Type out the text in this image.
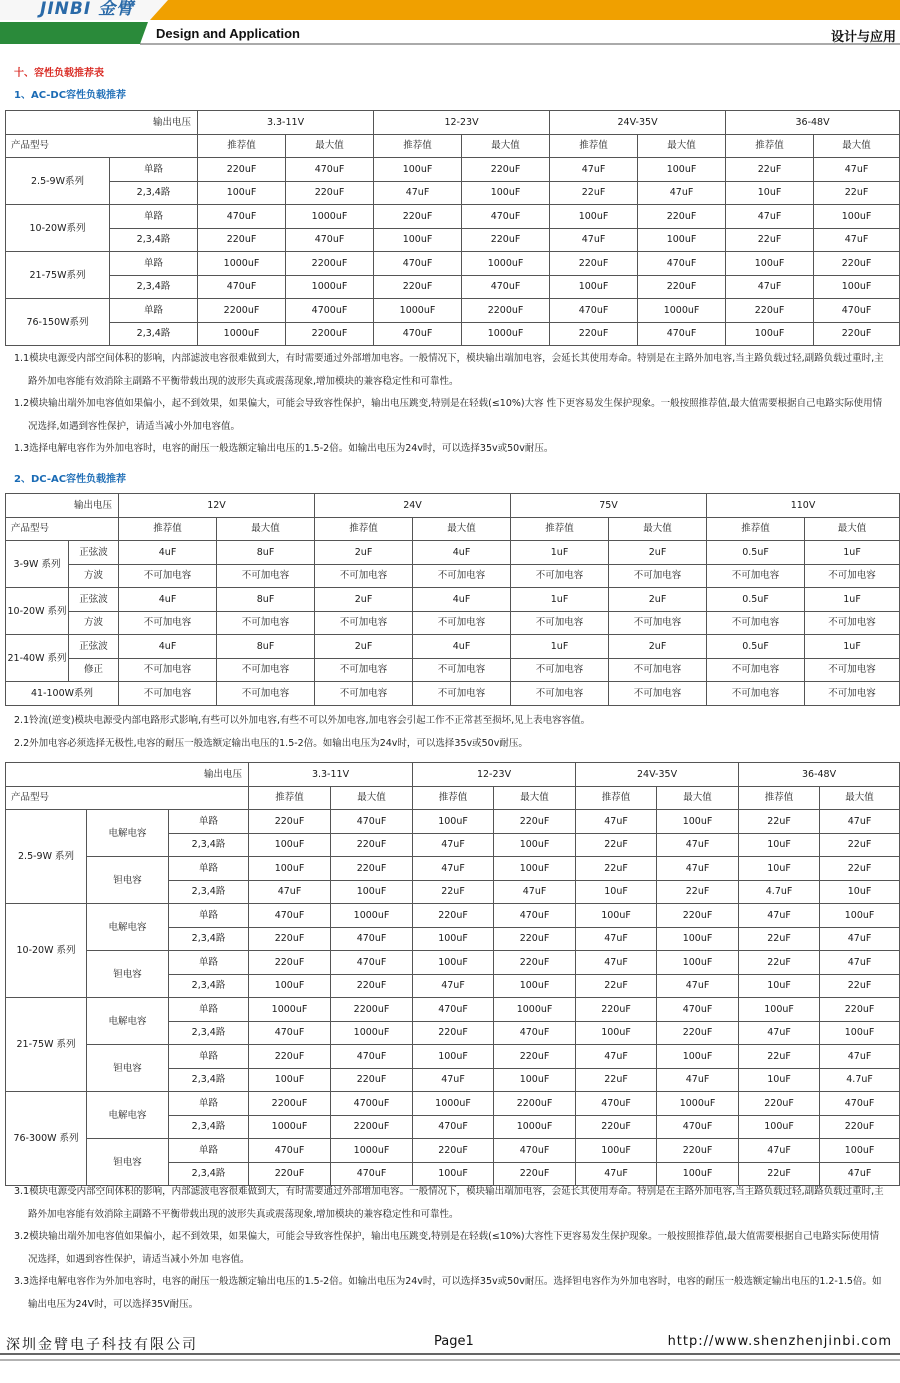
JINBI 金臂
Design and Application	设计与应用
十、容性负载推荐表
1、AC-DC容性负载推荐
输出电压		3.3-11V		12-23V		24V-35V		36-48V	
产品型号		推荐值	最大值	推荐值	最大值	推荐值	最大值	推荐值	最大值
2.5-9W系列	单路	220uF	470uF	100uF	220uF	47uF	100uF	22uF	47uF
	2,3,4路	100uF	220uF	47uF	100uF	22uF	47uF	10uF	22uF
10-20W系列	单路	470uF	1000uF	220uF	470uF	100uF	220uF	47uF	100uF
	2,3,4路	220uF	470uF	100uF	220uF	47uF	100uF	22uF	47uF
21-75W系列	单路	1000uF	2200uF	470uF	1000uF	220uF	470uF	100uF	220uF
	2,3,4路	470uF	1000uF	220uF	470uF	100uF	220uF	47uF	100uF
76-150W系列	单路	2200uF	4700uF	1000uF	2200uF	470uF	1000uF	220uF	470uF
	2,3,4路	1000uF	2200uF	470uF	1000uF	220uF	470uF	100uF	220uF

1.1模块电源受内部空间体积的影响，内部滤波电容很难做到大，有时需要通过外部增加电容。一般情况下，模块输出端加电容，会延长其使用寿命。特别是在主路外加电容,当主路负载过轻,副路负载过重时,主路外加电容能有效消除主副路不平衡带载出现的波形失真或震荡现象,增加模块的兼容稳定性和可靠性。

1.2模块输出端外加电容值如果偏小，起不到效果，如果偏大，可能会导致容性保护，输出电压跳变,特别是在轻载(≤10%)大容 性下更容易发生保护现象。一般按照推荐值,最大值需要根据自己电路实际使用情况选择,如遇到容性保护，请适当减小外加电容值。

1.3选择电解电容作为外加电容时，电容的耐压一般选额定输出电压的1.5-2倍。如输出电压为24v时，可以选择35v或50v耐压。

2、DC-AC容性负载推荐
输出电压		12V		24V		75V		110V	
产品型号		推荐值	最大值	推荐值	最大值	推荐值	最大值	推荐值	最大值
3-9W 系列	正弦波	4uF	8uF	2uF	4uF	1uF	2uF	0.5uF	1uF
	方波	不可加电容	不可加电容	不可加电容	不可加电容	不可加电容	不可加电容	不可加电容	不可加电容
10-20W 系列	正弦波	4uF	8uF	2uF	4uF	1uF	2uF	0.5uF	1uF
	方波	不可加电容	不可加电容	不可加电容	不可加电容	不可加电容	不可加电容	不可加电容	不可加电容
21-40W 系列	正弦波	4uF	8uF	2uF	4uF	1uF	2uF	0.5uF	1uF
	修正	不可加电容	不可加电容	不可加电容	不可加电容	不可加电容	不可加电容	不可加电容	不可加电容
41-100W系列		不可加电容	不可加电容	不可加电容	不可加电容	不可加电容	不可加电容	不可加电容	不可加电容

2.1铃流(逆变)模块电源受内部电路形式影响,有些可以外加电容,有些不可以外加电容,加电容会引起工作不正常甚至损坏,见上表电容容值。

2.2外加电容必须选择无极性,电容的耐压一般选额定输出电压的1.5-2倍。如输出电压为24v时，可以选择35v或50v耐压。

输出电压			3.3-11V		12-23V		24V-35V		36-48V	
产品型号			推荐值	最大值	推荐值	最大值	推荐值	最大值	推荐值	最大值
2.5-9W 系列	电解电容	单路	220uF	470uF	100uF	220uF	47uF	100uF	22uF	47uF
		2,3,4路	100uF	220uF	47uF	100uF	22uF	47uF	10uF	22uF
	钽电容	单路	100uF	220uF	47uF	100uF	22uF	47uF	10uF	22uF
		2,3,4路	47uF	100uF	22uF	47uF	10uF	22uF	4.7uF	10uF
10-20W 系列	电解电容	单路	470uF	1000uF	220uF	470uF	100uF	220uF	47uF	100uF
		2,3,4路	220uF	470uF	100uF	220uF	47uF	100uF	22uF	47uF
	钽电容	单路	220uF	470uF	100uF	220uF	47uF	100uF	22uF	47uF
		2,3,4路	100uF	220uF	47uF	100uF	22uF	47uF	10uF	22uF
21-75W 系列	电解电容	单路	1000uF	2200uF	470uF	1000uF	220uF	470uF	100uF	220uF
		2,3,4路	470uF	1000uF	220uF	470uF	100uF	220uF	47uF	100uF
	钽电容	单路	220uF	470uF	100uF	220uF	47uF	100uF	22uF	47uF
		2,3,4路	100uF	220uF	47uF	100uF	22uF	47uF	10uF	4.7uF
76-300W 系列	电解电容	单路	2200uF	4700uF	1000uF	2200uF	470uF	1000uF	220uF	470uF
		2,3,4路	1000uF	2200uF	470uF	1000uF	220uF	470uF	100uF	220uF
	钽电容	单路	470uF	1000uF	220uF	470uF	100uF	220uF	47uF	100uF
		2,3,4路	220uF	470uF	100uF	220uF	47uF	100uF	22uF	47uF

3.1模块电源受内部空间体积的影响，内部滤波电容很难做到大，有时需要通过外部增加电容。一般情况下，模块输出端加电容，会延长其使用寿命。特别是在主路外加电容,当主路负载过轻,副路负载过重时,主路外加电容能有效消除主副路不平衡带载出现的波形失真或震荡现象,增加模块的兼容稳定性和可靠性。

3.2模块输出端外加电容值如果偏小，起不到效果，如果偏大，可能会导致容性保护，输出电压跳变,特别是在轻载(≤10%)大容性下更容易发生保护现象。一般按照推荐值,最大值需要根据自己电路实际使用情况选择，如遇到容性保护，请适当减小外加 电容值。

3.3选择电解电容作为外加电容时，电容的耐压一般选额定输出电压的1.5-2倍。如输出电压为24v时，可以选择35v或50v耐压。选择钽电容作为外加电容时，电容的耐压一般选额定输出电压的1.2-1.5倍。如输出电压为24V时，可以选择35V耐压。

深圳金臂电子科技有限公司	Page1	http://www.shenzhenjinbi.com
